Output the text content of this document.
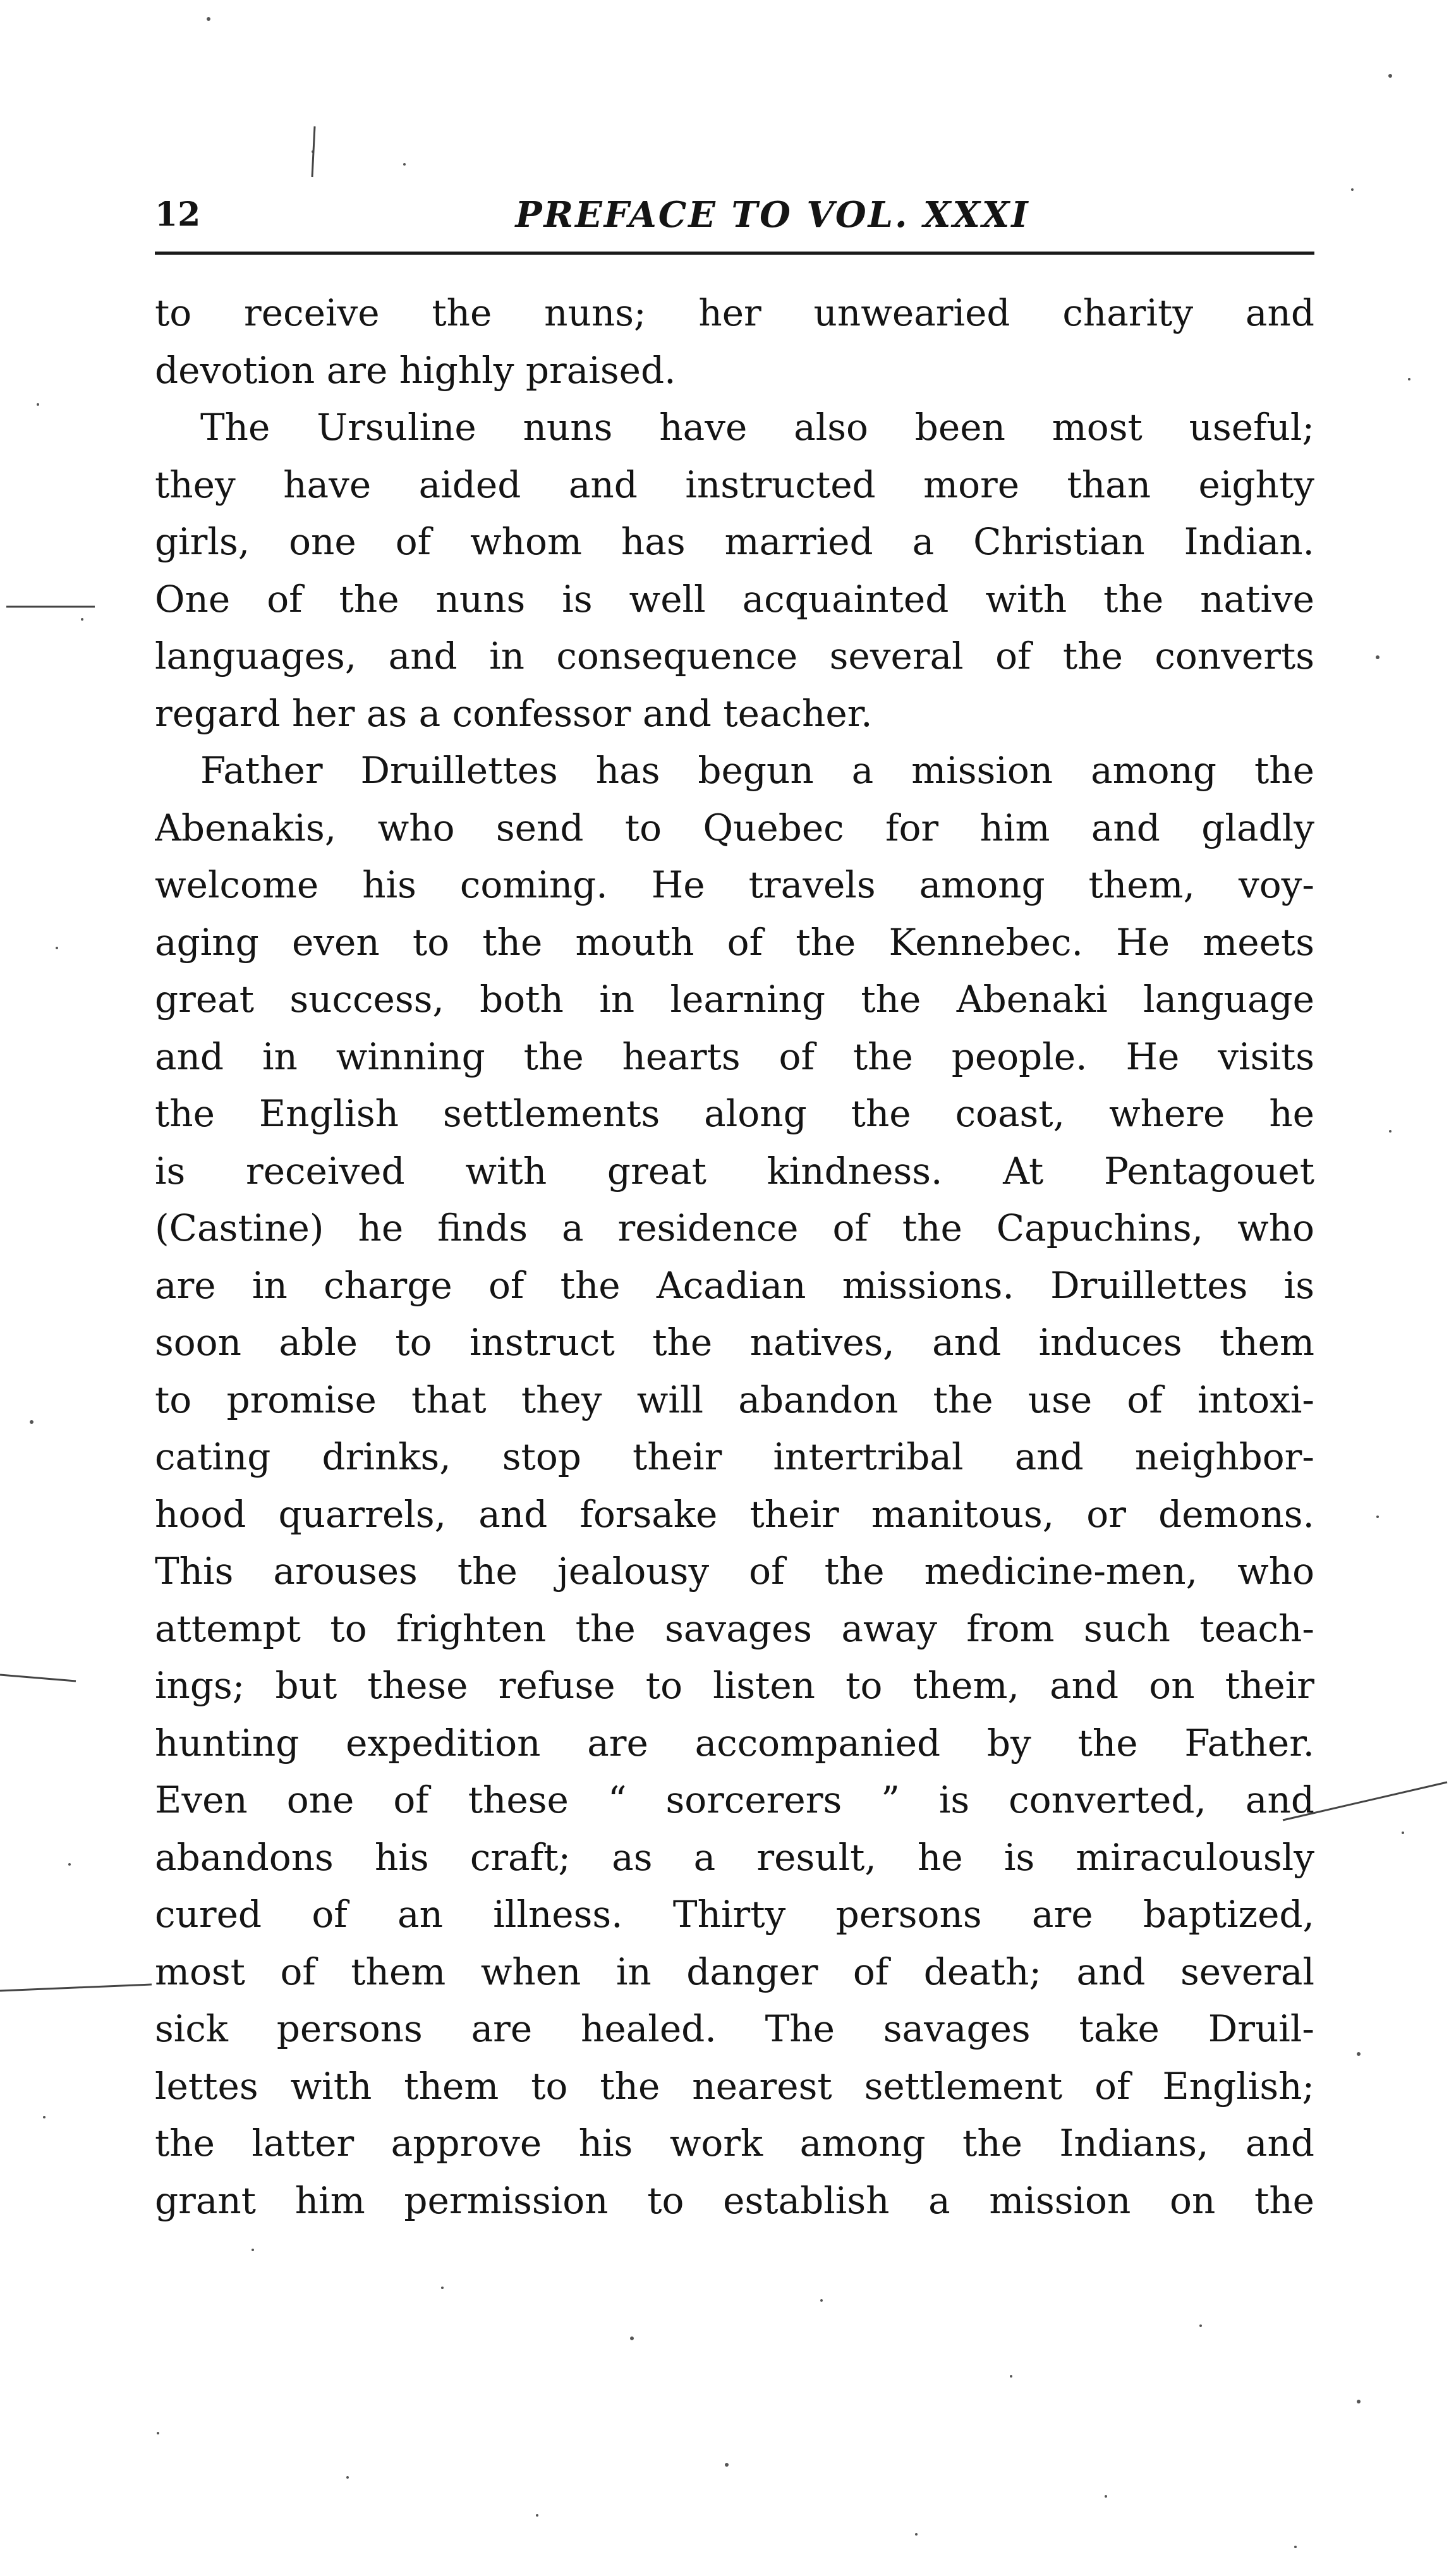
12	PREFACE TO VOL. XXXI
to receive the nuns; her unwearied charity and
devotion are highly praised.
The Ursuline nuns have also been most useful;
they have aided and instructed more than eighty
girls, one of whom has married a Christian Indian.
One of the nuns is well acquainted with the native
languages, and in consequence several of the converts
regard her as a confessor and teacher.
Father Druillettes has begun a mission among the
Abenakis, who send to Quebec for him and gladly
welcome his coming. He travels among them, voy-
aging even to the mouth of the Kennebec. He meets
great success, both in learning the Abenaki language
and in winning the hearts of the people. He visits
the English settlements along the coast, where he
is received with great kindness. At Pentagouet
(Castine) he finds a residence of the Capuchins, who
are in charge of the Acadian missions. Druillettes is
soon able to instruct the natives, and induces them
to promise that they will abandon the use of intoxi-
cating drinks, stop their intertribal and neighbor-
hood quarrels, and forsake their manitous, or demons.
This arouses the jealousy of the medicine-men, who
attempt to frighten the savages away from such teach-
ings; but these refuse to listen to them, and on their
hunting expedition are accompanied by the Father.
Even one of these “ sorcerers ” is converted, and
abandons his craft; as a result, he is miraculously
cured of an illness. Thirty persons are baptized,
most of them when in danger of death; and several
sick persons are healed. The savages take Druil-
lettes with them to the nearest settlement of English;
the latter approve his work among the Indians, and
grant him permission to establish a mission on the
